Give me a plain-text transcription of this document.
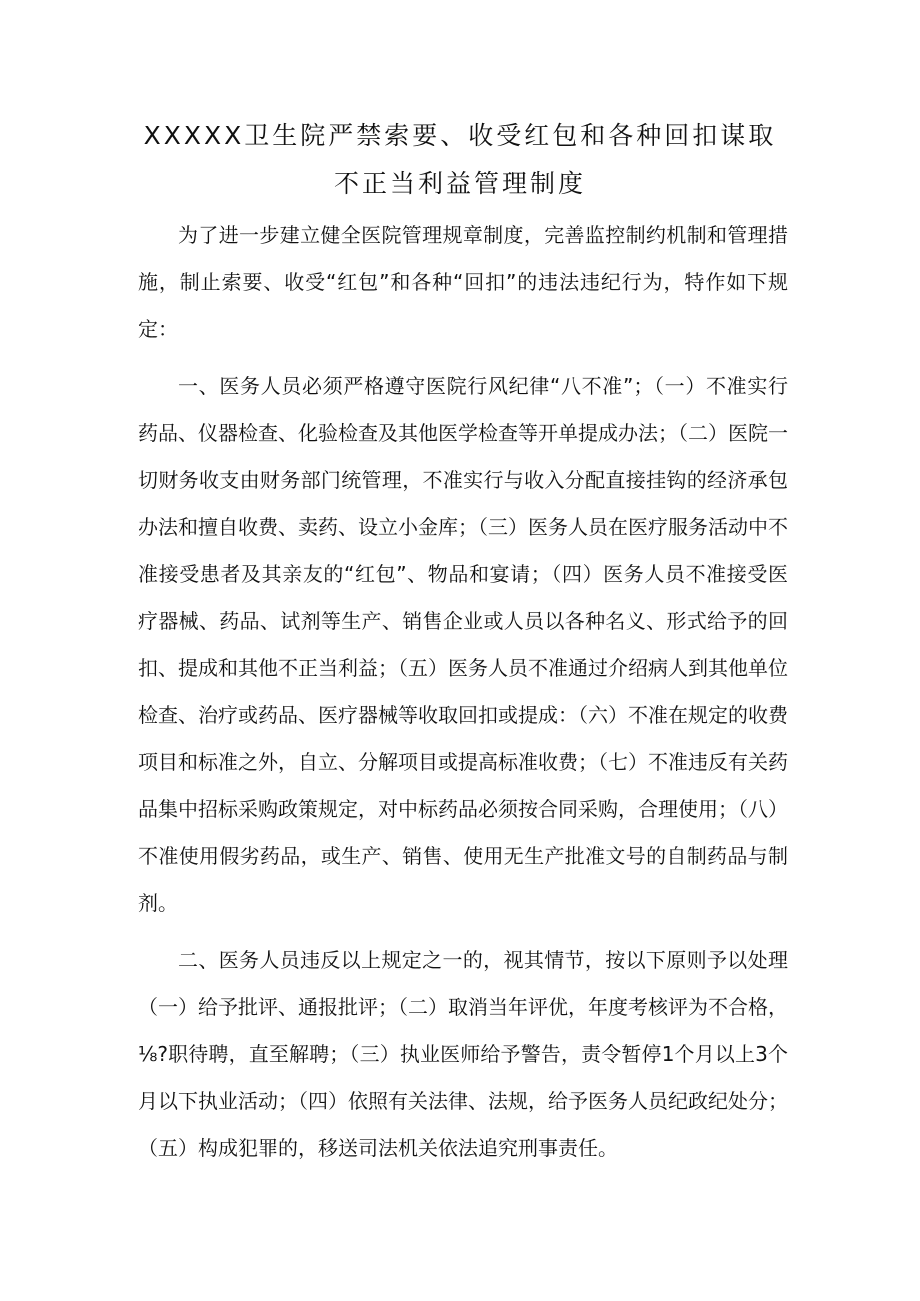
XXXXX卫生院严禁索要、收受红包和各种回扣谋取不正当利益管理制度

为了进一步建立健全医院管理规章制度，完善监控制约机制和管理措施，制止索要、收受“红包”和各种“回扣”的违法违纪行为，特作如下规定：

一、医务人员必须严格遵守医院行风纪律“八不准”；（一）不准实行药品、仪器检查、化验检查及其他医学检查等开单提成办法；（二）医院一切财务收支由财务部门统管理，不准实行与收入分配直接挂钩的经济承包办法和擅自收费、卖药、设立小金库；（三）医务人员在医疗服务活动中不准接受患者及其亲友的“红包”、物品和宴请；（四）医务人员不准接受医疗器械、药品、试剂等生产、销售企业或人员以各种名义、形式给予的回扣、提成和其他不正当利益；（五）医务人员不准通过介绍病人到其他单位检查、治疗或药品、医疗器械等收取回扣或提成：（六）不准在规定的收费项目和标准之外，自立、分解项目或提高标准收费；（七）不准违反有关药品集中招标采购政策规定，对中标药品必须按合同采购，合理使用；（八）不准使用假劣药品，或生产、销售、使用无生产批准文号的自制药品与制剂。

二、医务人员违反以上规定之一的，视其情节，按以下原则予以处理（一）给予批评、通报批评；（二）取消当年评优，年度考核评为不合格，⅛?职待聘，直至解聘；（三）执业医师给予警告，责令暂停1个月以上3个月以下执业活动；（四）依照有关法律、法规，给予医务人员纪政纪处分；（五）构成犯罪的，移送司法机关依法追究刑事责任。
